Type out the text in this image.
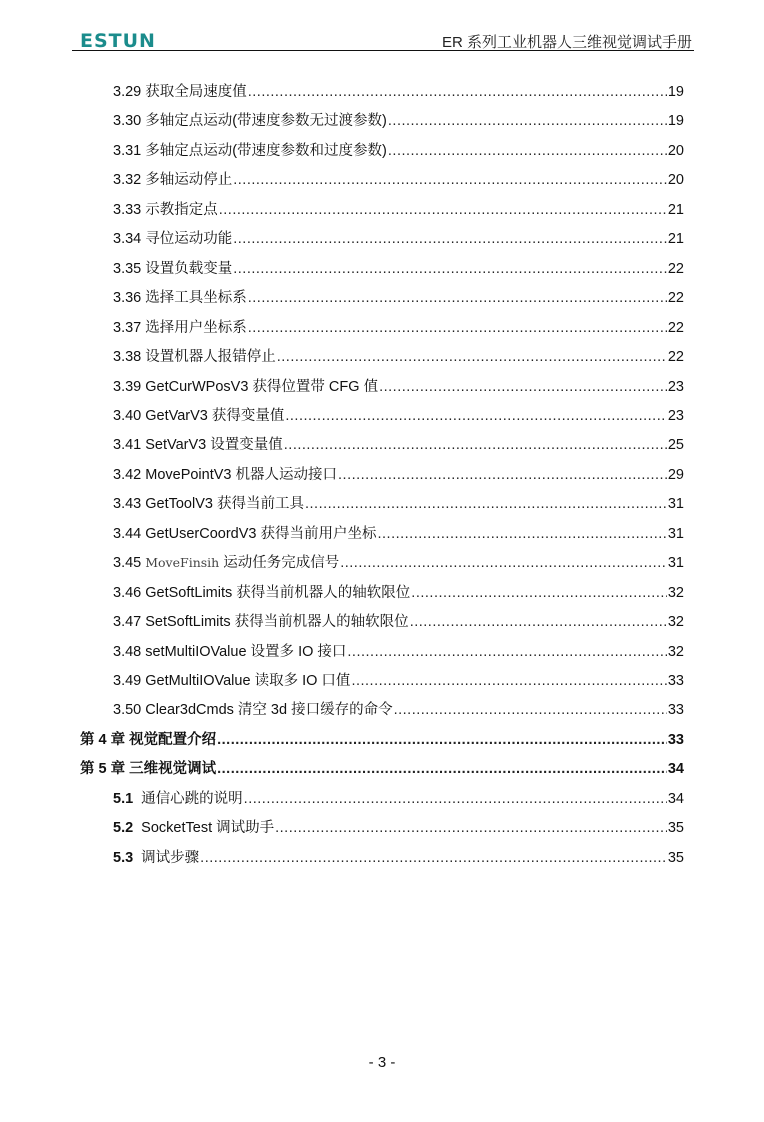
ESTUN	ER 系列工业机器人三维视觉调试手册
3.29 获取全局速度值 .....	19
3.30 多轴定点运动(带速度参数无过渡参数) .....	19
3.31 多轴定点运动(带速度参数和过度参数) .....	20
3.32 多轴运动停止 .....	20
3.33 示教指定点 .....	21
3.34 寻位运动功能 .....	21
3.35 设置负载变量 .....	22
3.36 选择工具坐标系 .....	22
3.37 选择用户坐标系 .....	22
3.38 设置机器人报错停止 .....	22
3.39 GetCurWPosV3 获得位置带 CFG 值 .....	23
3.40 GetVarV3 获得变量值 .....	23
3.41 SetVarV3 设置变量值 .....	25
3.42 MovePointV3 机器人运动接口 .....	29
3.43 GetToolV3 获得当前工具 .....	31
3.44 GetUserCoordV3 获得当前用户坐标 .....	31
3.45 MoveFinsih 运动任务完成信号 .....	31
3.46 GetSoftLimits 获得当前机器人的轴软限位 .....	32
3.47 SetSoftLimits 获得当前机器人的轴软限位 .....	32
3.48 setMultiIOValue 设置多 IO 接口 .....	32
3.49 GetMultiIOValue 读取多 IO 口值 .....	33
3.50 Clear3dCmds 清空 3d 接口缓存的命令 .....	33
第 4 章 视觉配置介绍 .....	33
第 5 章 三维视觉调试 .....	34
5.1 通信心跳的说明 .....	34
5.2 SocketTest 调试助手 .....	35
5.3 调试步骤 .....	35
- 3 -
